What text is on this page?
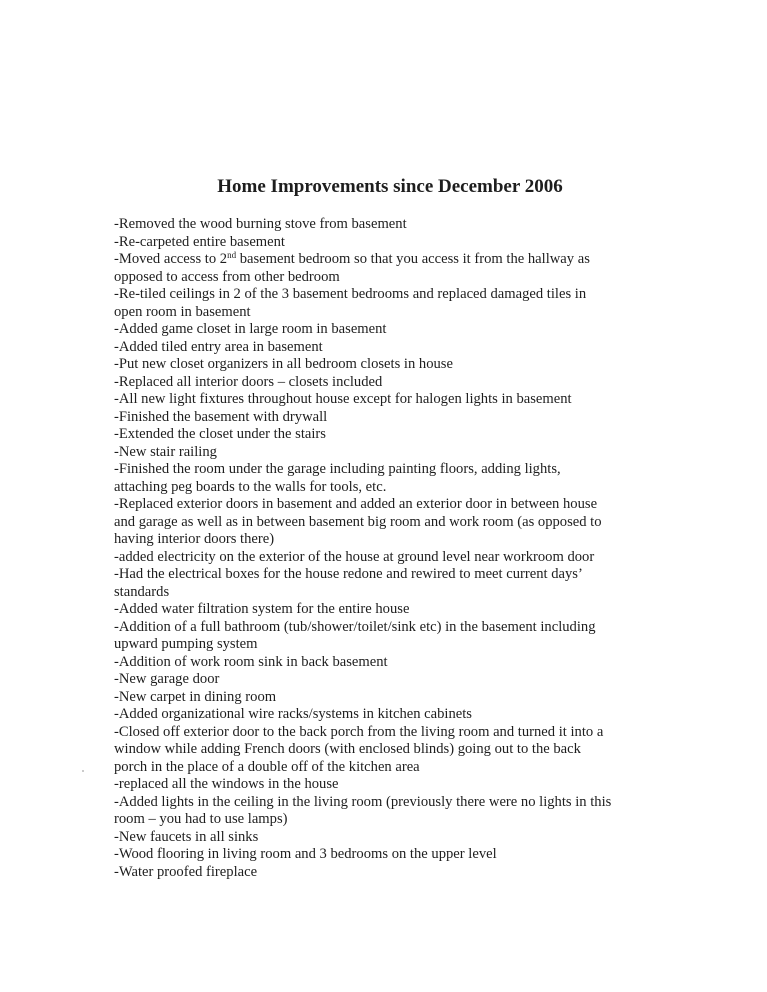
Home Improvements since December 2006
-Removed the wood burning stove from basement
-Re-carpeted entire basement
-Moved access to 2nd basement bedroom so that you access it from the hallway as
opposed to access from other bedroom
-Re-tiled ceilings in 2 of the 3 basement bedrooms and replaced damaged tiles in
open room in basement
-Added game closet in large room in basement
-Added tiled entry area in basement
-Put new closet organizers in all bedroom closets in house
-Replaced all interior doors – closets included
-All new light fixtures throughout house except for halogen lights in basement
-Finished the basement with drywall
-Extended the closet under the stairs
-New stair railing
-Finished the room under the garage including painting floors, adding lights,
attaching peg boards to the walls for tools, etc.
-Replaced exterior doors in basement and added an exterior door in between house
and garage as well as in between basement big room and work room (as opposed to
having interior doors there)
-added electricity on the exterior of the house at ground level near workroom door
-Had the electrical boxes for the house redone and rewired to meet current days’
standards
-Added water filtration system for the entire house
-Addition of a full bathroom (tub/shower/toilet/sink etc) in the basement including
upward pumping system
-Addition of work room sink in back basement
-New garage door
-New carpet in dining room
-Added organizational wire racks/systems in kitchen cabinets
-Closed off exterior door to the back porch from the living room and turned it into a
window while adding French doors (with enclosed blinds) going out to the back
porch in the place of a double off of the kitchen area
-replaced all the windows in the house
-Added lights in the ceiling in the living room (previously there were no lights in this
room – you had to use lamps)
-New faucets in all sinks
-Wood flooring in living room and 3 bedrooms on the upper level
-Water proofed fireplace
